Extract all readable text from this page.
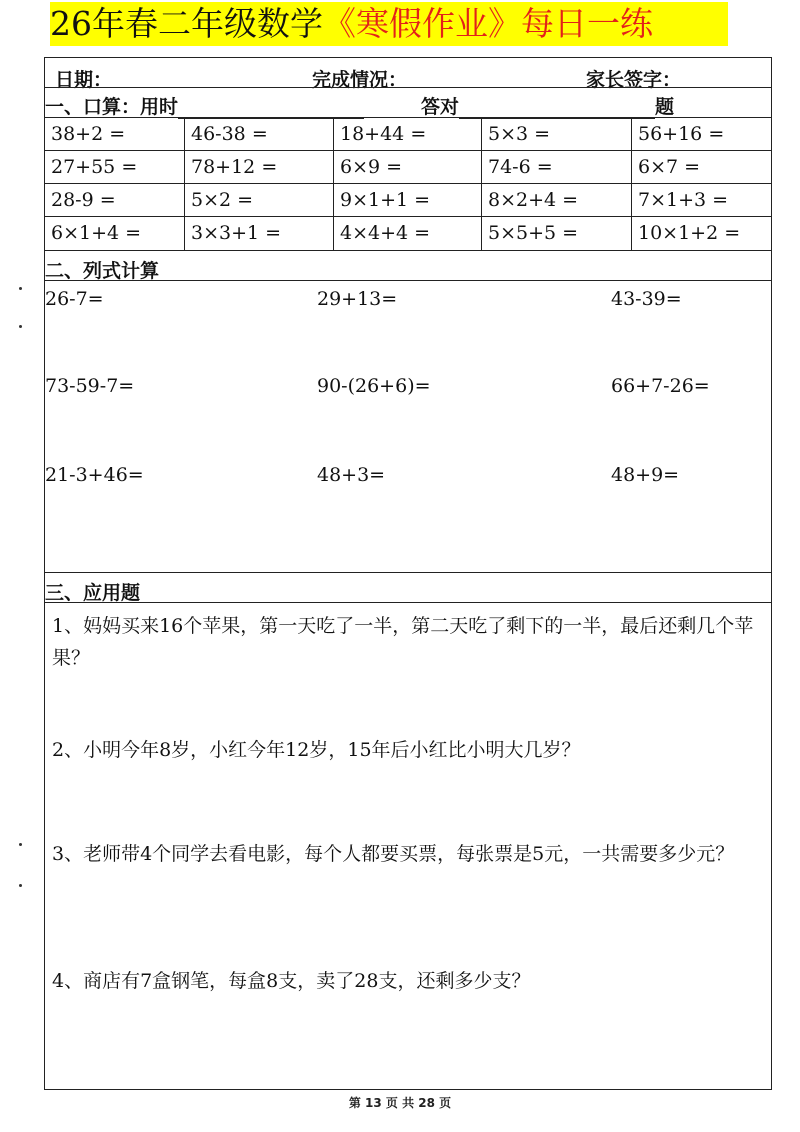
26年春二年级数学《寒假作业》每日一练
日期：	完成情况：	家长签字：
一、口算：用时	答对	题
38+2 =	46-38 =	18+44 =	5×3 =	56+16 =
27+55 =	78+12 =	6×9 =	74-6 =	6×7 =
28-9 =	5×2 =	9×1+1 =	8×2+4 =	7×1+3 =
6×1+4 =	3×3+1 =	4×4+4 =	5×5+5 =	10×1+2 =
二、列式计算
26-7=	29+13=	43-39=
73-59-7=	90-(26+6)=	66+7-26=
21-3+46=	48+3=	48+9=
三、应用题
1、妈妈买来16个苹果，第一天吃了一半，第二天吃了剩下的一半，最后还剩几个苹果？
2、小明今年8岁，小红今年12岁，15年后小红比小明大几岁？
3、老师带4个同学去看电影，每个人都要买票，每张票是5元，一共需要多少元？
4、商店有7盒钢笔，每盒8支，卖了28支，还剩多少支？
第 13 页 共 28 页
